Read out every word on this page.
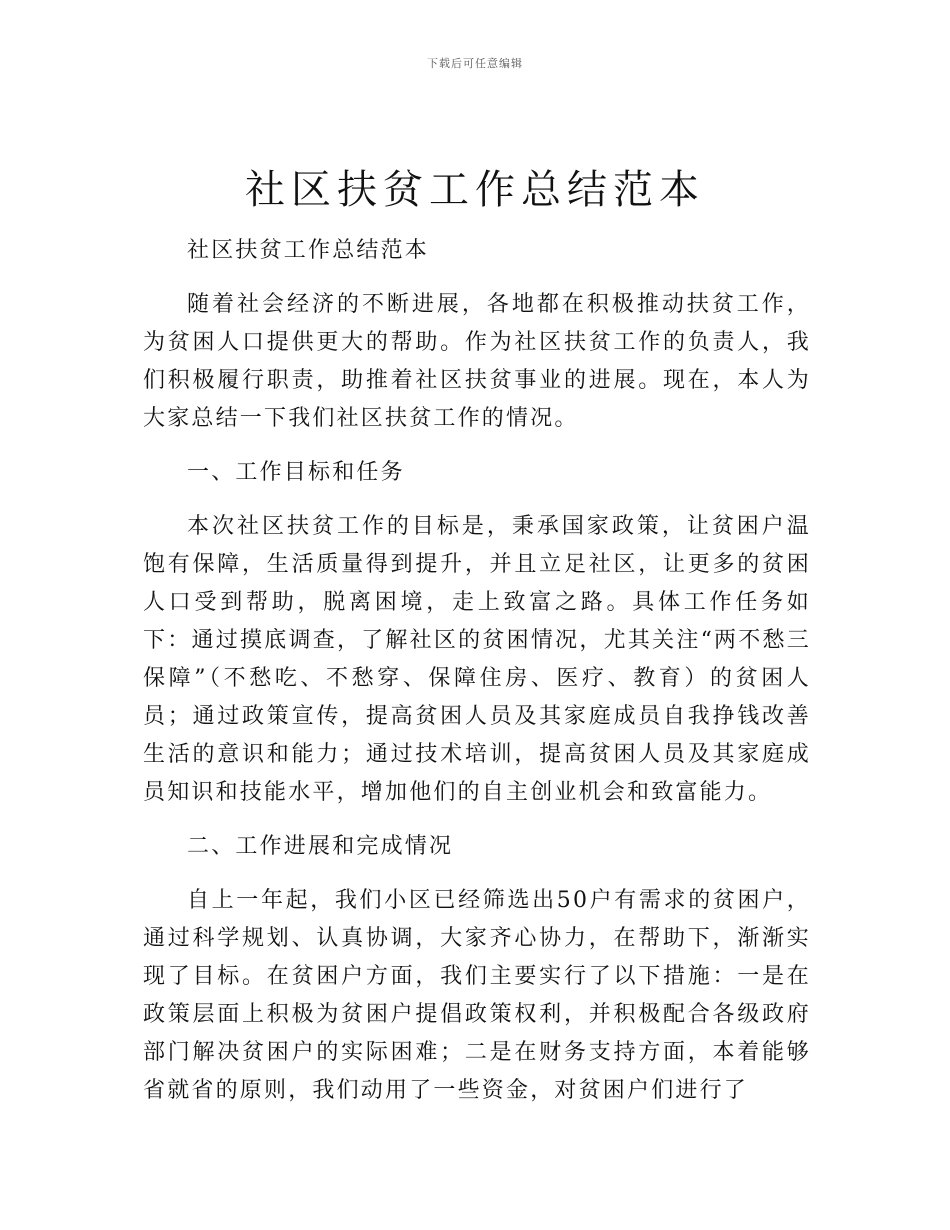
下载后可任意编辑
社区扶贫工作总结范本

社区扶贫工作总结范本

随着社会经济的不断进展，各地都在积极推动扶贫工作，为贫困人口提供更大的帮助。作为社区扶贫工作的负责人，我们积极履行职责，助推着社区扶贫事业的进展。现在，本人为大家总结一下我们社区扶贫工作的情况。

一、工作目标和任务

本次社区扶贫工作的目标是，秉承国家政策，让贫困户温饱有保障，生活质量得到提升，并且立足社区，让更多的贫困人口受到帮助，脱离困境，走上致富之路。具体工作任务如下：通过摸底调查，了解社区的贫困情况，尤其关注“两不愁三保障”（不愁吃、不愁穿、保障住房、医疗、教育）的贫困人员；通过政策宣传，提高贫困人员及其家庭成员自我挣钱改善生活的意识和能力；通过技术培训，提高贫困人员及其家庭成员知识和技能水平，增加他们的自主创业机会和致富能力。

二、工作进展和完成情况

自上一年起，我们小区已经筛选出50户有需求的贫困户，通过科学规划、认真协调，大家齐心协力，在帮助下，渐渐实现了目标。在贫困户方面，我们主要实行了以下措施：一是在政策层面上积极为贫困户提倡政策权利，并积极配合各级政府部门解决贫困户的实际困难；二是在财务支持方面，本着能够省就省的原则，我们动用了一些资金，对贫困户们进行了
